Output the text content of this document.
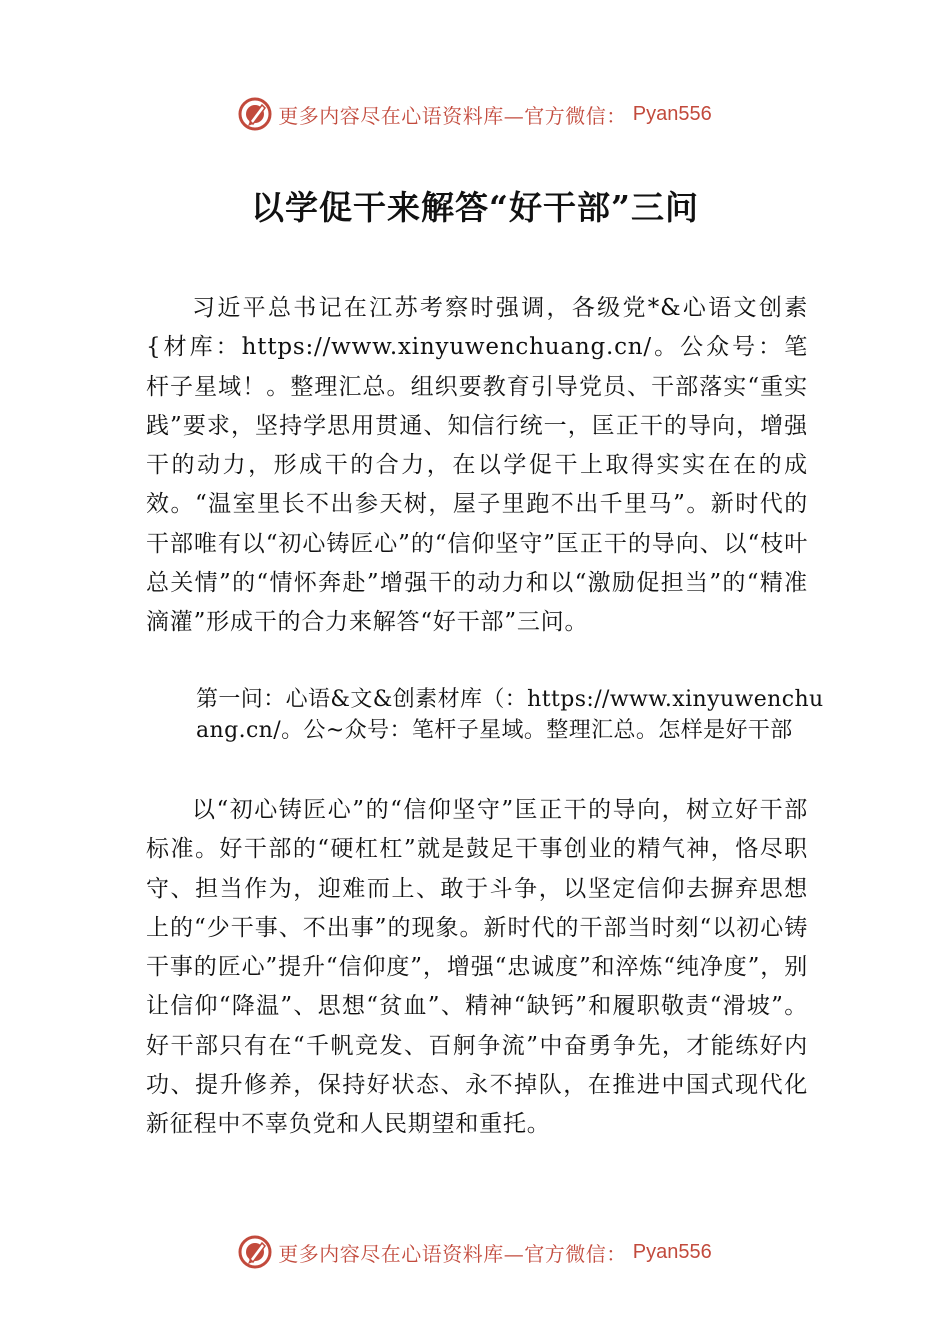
更多内容尽在心语资料库—官方微信： Pyan556
以学促干来解答“好干部”三问

习近平总书记在江苏考察时强调，各级党*&心语文创素{材库：https://www.xinyuwenchuang.cn/。公众号：笔杆子星域！。整理汇总。组织要教育引导党员、干部落实“重实践”要求，坚持学思用贯通、知信行统一，匡正干的导向，增强干的动力，形成干的合力，在以学促干上取得实实在在的成效。“温室里长不出参天树，屋子里跑不出千里马”。新时代的干部唯有以“初心铸匠心”的“信仰坚守”匡正干的导向、以“枝叶总关情”的“情怀奔赴”增强干的动力和以“激励促担当”的“精准滴灌”形成干的合力来解答“好干部”三问。

第一问：心语&文&创素材库（：https://www.xinyuwenchuang.cn/。公~众号：笔杆子星域。整理汇总。怎样是好干部

以“初心铸匠心”的“信仰坚守”匡正干的导向，树立好干部标准。好干部的“硬杠杠”就是鼓足干事创业的精气神，恪尽职守、担当作为，迎难而上、敢于斗争，以坚定信仰去摒弃思想上的“少干事、不出事”的现象。新时代的干部当时刻“以初心铸干事的匠心”提升“信仰度”，增强“忠诚度”和淬炼“纯净度”，别让信仰“降温”、思想“贫血”、精神“缺钙”和履职敬责“滑坡”。好干部只有在“千帆竞发、百舸争流”中奋勇争先，才能练好内功、提升修养，保持好状态、永不掉队，在推进中国式现代化新征程中不辜负党和人民期望和重托。

更多内容尽在心语资料库—官方微信： Pyan556
